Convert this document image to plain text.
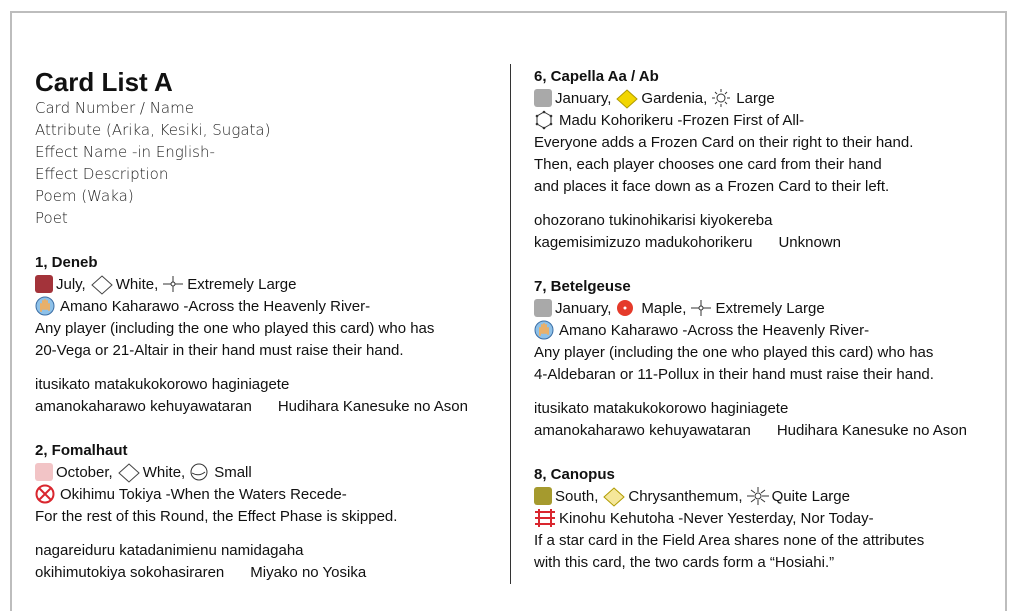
Card List A
Card Number / Name
Attribute (Arika, Kesiki, Sugata)
Effect Name -in English-
Effect Description
Poem (Waka)
Poet
1, Deneb
July, White, Extremely Large
Amano Kaharawo -Across the Heavenly River-
Any player (including the one who played this card) who has
20-Vega or 21-Altair in their hand must raise their hand.
itusikato matakukokorowo haginiagete
amanokaharawo kehuyawataran Hudihara Kanesuke no Ason
2, Fomalhaut
October, White, Small
Okihimu Tokiya -When the Waters Recede-
For the rest of this Round, the Effect Phase is skipped.
nagareiduru katadanimienu namidagaha
okihimutokiya sokohasiraren Miyako no Yosika
6, Capella Aa / Ab
January, Gardenia, Large
Madu Kohorikeru -Frozen First of All-
Everyone adds a Frozen Card on their right to their hand.
Then, each player chooses one card from their hand
and places it face down as a Frozen Card to their left.
ohozorano tukinohikarisi kiyokereba
kagemisimizuzo madukohorikeru Unknown
7, Betelgeuse
January, Maple, Extremely Large
Amano Kaharawo -Across the Heavenly River-
Any player (including the one who played this card) who has
4-Aldebaran or 11-Pollux in their hand must raise their hand.
itusikato matakukokorowo haginiagete
amanokaharawo kehuyawataran Hudihara Kanesuke no Ason
8, Canopus
South, Chrysanthemum, Quite Large
Kinohu Kehutoha -Never Yesterday, Nor Today-
If a star card in the Field Area shares none of the attributes
with this card, the two cards form a “Hosiahi.”
